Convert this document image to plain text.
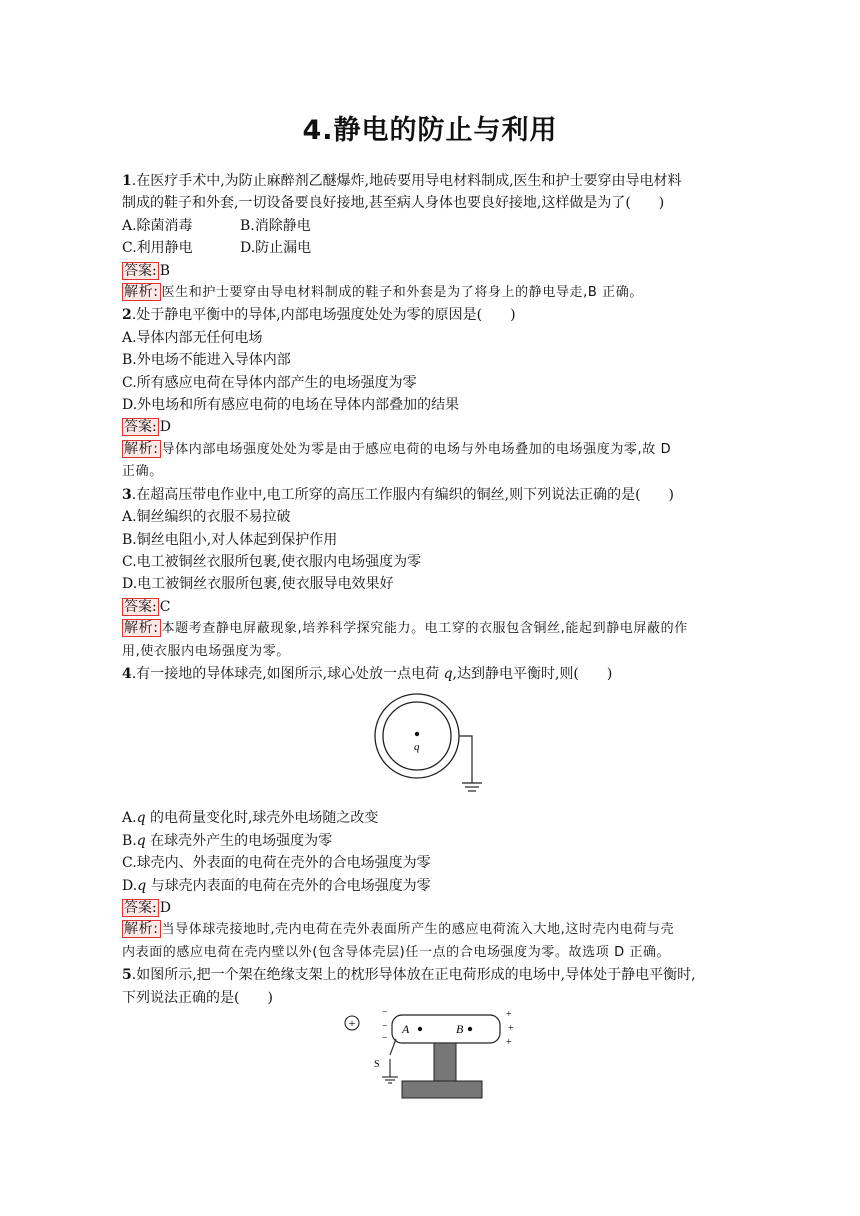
4.静电的防止与利用
1.在医疗手术中,为防止麻醉剂乙醚爆炸,地砖要用导电材料制成,医生和护士要穿由导电材料
制成的鞋子和外套,一切设备要良好接地,甚至病人身体也要良好接地,这样做是为了(　　)
A.除菌消毒	B.消除静电
C.利用静电	D.防止漏电
答案: B
解析: 医生和护士要穿由导电材料制成的鞋子和外套是为了将身上的静电导走,B 正确。
2.处于静电平衡中的导体,内部电场强度处处为零的原因是(　　)
A.导体内部无任何电场
B.外电场不能进入导体内部
C.所有感应电荷在导体内部产生的电场强度为零
D.外电场和所有感应电荷的电场在导体内部叠加的结果
答案: D
解析: 导体内部电场强度处处为零是由于感应电荷的电场与外电场叠加的电场强度为零,故 D
正确。
3.在超高压带电作业中,电工所穿的高压工作服内有编织的铜丝,则下列说法正确的是(　　)
A.铜丝编织的衣服不易拉破
B.铜丝电阻小,对人体起到保护作用
C.电工被铜丝衣服所包裹,使衣服内电场强度为零
D.电工被铜丝衣服所包裹,使衣服导电效果好
答案: C
解析: 本题考查静电屏蔽现象,培养科学探究能力。电工穿的衣服包含铜丝,能起到静电屏蔽的作
用,使衣服内电场强度为零。
4.有一接地的导体球壳,如图所示,球心处放一点电荷 q,达到静电平衡时,则(　　)
q
A.q 的电荷量变化时,球壳外电场随之改变
B.q 在球壳外产生的电场强度为零
C.球壳内、外表面的电荷在壳外的合电场强度为零
D.q 与球壳内表面的电荷在壳外的合电场强度为零
答案: D
解析: 当导体球壳接地时,壳内电荷在壳外表面所产生的感应电荷流入大地,这时壳内电荷与壳
内表面的感应电荷在壳内壁以外(包含导体壳层)任一点的合电场强度为零。故选项 D 正确。
5.如图所示,把一个架在绝缘支架上的枕形导体放在正电荷形成的电场中,导体处于静电平衡时,
下列说法正确的是(　　)
+
−
−
−
+
+
+
A	B
S
